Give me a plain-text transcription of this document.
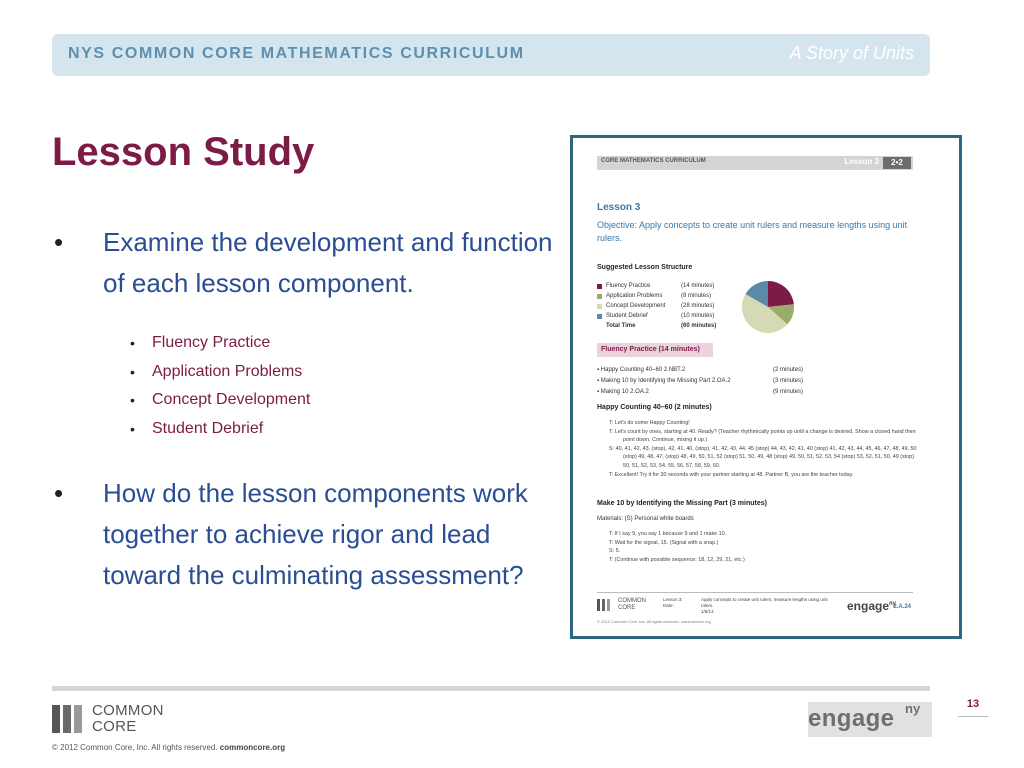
NYS COMMON CORE MATHEMATICS CURRICULUM	A Story of Units
Lesson Study
• Examine the development and function of each lesson component.
• Fluency Practice
• Application Problems
• Concept Development
• Student Debrief
• How do the lesson components work together to achieve rigor and lead toward the culminating assessment?
CORE MATHEMATICS CURRICULUM	Lesson 3	2•2
Lesson 3
Objective: Apply concepts to create unit rulers and measure lengths using unit rulers.
Suggested Lesson Structure
Fluency Practice	(14 minutes)
Application Problems	(8 minutes)
Concept Development	(28 minutes)
Student Debrief	(10 minutes)
Total Time	(60 minutes)
Fluency Practice (14 minutes)
▪ Happy Counting 40–60 2.NBT.2	(2 minutes)
▪ Making 10 by Identifying the Missing Part 2.OA.2	(3 minutes)
▪ Making 10 2.OA.2	(9 minutes)
Happy Counting 40–60 (2 minutes)
T: Let's do some Happy Counting!
T: Let's count by ones, starting at 40. Ready? (Teacher rhythmically points up until a change is desired. Show a closed hand then point down. Continue, mixing it up.)
S: 40, 41, 42, 43, (stop), 42, 41, 40, (stop), 41, 42, 43, 44, 45 (stop) 44, 43, 42, 41, 40 (stop) 41, 42, 43, 44, 45, 46, 47, 48, 49, 50 (stop) 49, 48, 47, (stop) 48, 49, 50, 51, 52 (stop) 51, 50, 49, 48 (stop) 49, 50, 51, 52, 53, 54 (stop) 53, 52, 51, 50, 49 (stop) 50, 51, 52, 53, 54, 55, 56, 57, 58, 59, 60.
T: Excellent! Try it for 30 seconds with your partner starting at 48. Partner B, you are the teacher today.
Make 10 by Identifying the Missing Part (3 minutes)
Materials: (S) Personal white boards
T: If I say 9, you say 1 because 9 and 1 make 10.
T: Wait for the signal, 15. (Signal with a snap.)
S: 5.
T: (Continue with possible sequence: 18, 12, 29, 21, etc.)
COMMON
CORE
Lesson 3:
Date:
Apply concepts to create unit rulers, measure lengths using unit rulers.
1/8/13	engage$^{ny}$
2.A.24
© 2012 Common Core, Inc. All rights reserved. commoncore.org
COMMON
CORE	engage ny	13
© 2012 Common Core, Inc. All rights reserved. commoncore.org
